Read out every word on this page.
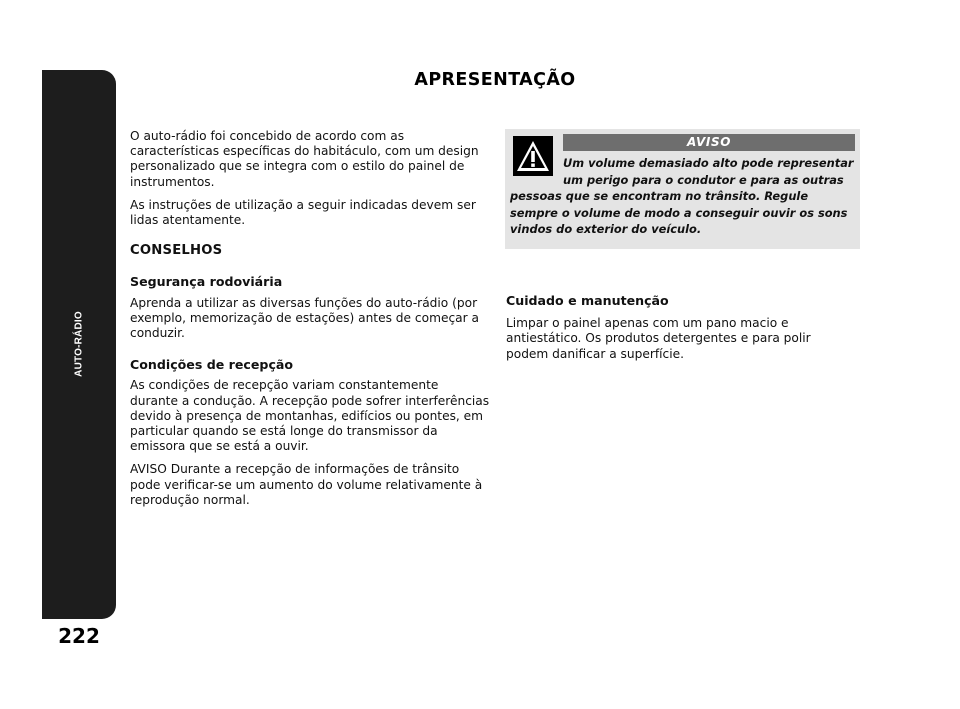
AUTO-RÁDIO
222
APRESENTAÇÃO

O auto-rádio foi concebido de acordo com as características específicas do habitáculo, com um design personalizado que se integra com o estilo do painel de instrumentos.

As instruções de utilização a seguir indicadas devem ser lidas atentamente.

CONSELHOS

Segurança rodoviária

Aprenda a utilizar as diversas funções do auto-rádio (por exemplo, memorização de estações) antes de começar a conduzir.

Condições de recepção

As condições de recepção variam constantemente durante a condução. A recepção pode sofrer interferências devido à presença de montanhas, edifícios ou pontes, em particular quando se está longe do transmissor da emissora que se está a ouvir.

AVISO Durante a recepção de informações de trânsito pode verificar-se um aumento do volume relativamente à reprodução normal.

AVISO
Um volume demasiado alto pode representar
um perigo para o condutor e para as outras
pessoas que se encontram no trânsito. Regule sempre o volume de modo a conseguir ouvir os sons vindos do exterior do veículo.

Cuidado e manutenção

Limpar o painel apenas com um pano macio e antiestático. Os produtos detergentes e para polir podem danificar a superfície.
